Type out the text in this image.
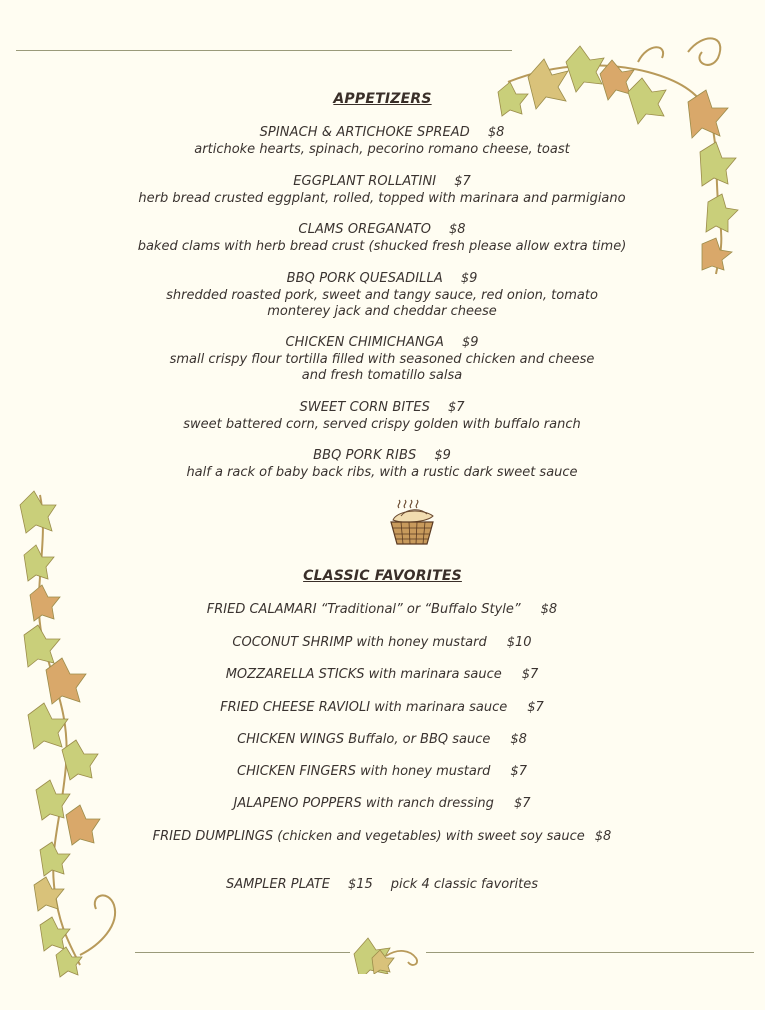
APPETIZERS
SPINACH & ARTICHOKE SPREAD $8
artichoke hearts, spinach, pecorino romano cheese, toast
EGGPLANT ROLLATINI $7
herb bread crusted eggplant, rolled, topped with marinara and parmigiano
CLAMS OREGANATO $8
baked clams with herb bread crust (shucked fresh please allow extra time)
BBQ PORK QUESADILLA $9
shredded roasted pork, sweet and tangy sauce, red onion, tomato
monterey jack and cheddar cheese
CHICKEN CHIMICHANGA $9
small crispy flour tortilla filled with seasoned chicken and cheese
and fresh tomatillo salsa
SWEET CORN BITES $7
sweet battered corn, served crispy golden with buffalo ranch
BBQ PORK RIBS $9
half a rack of baby back ribs, with a rustic dark sweet sauce
CLASSIC FAVORITES
FRIED CALAMARI “Traditional” or “Buffalo Style” $8
COCONUT SHRIMP with honey mustard $10
MOZZARELLA STICKS with marinara sauce $7
FRIED CHEESE RAVIOLI with marinara sauce $7
CHICKEN WINGS Buffalo, or BBQ sauce $8
CHICKEN FINGERS with honey mustard $7
JALAPENO POPPERS with ranch dressing $7
FRIED DUMPLINGS (chicken and vegetables) with sweet soy sauce $8
SAMPLER PLATE $15 pick 4 classic favorites
